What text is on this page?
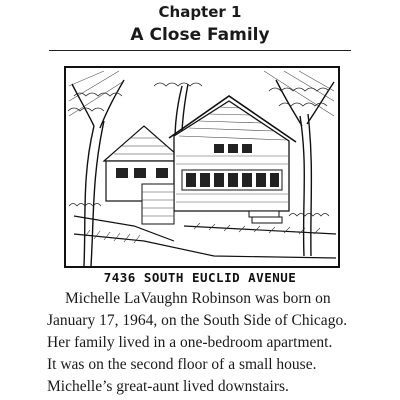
Chapter 1
A Close Family
7436 SOUTH EUCLID AVENUE
Michelle LaVaughn Robinson was born on
January 17, 1964, on the South Side of Chicago.
Her family lived in a one-bedroom apartment.
It was on the second floor of a small house.
Michelle’s great-aunt lived downstairs.
